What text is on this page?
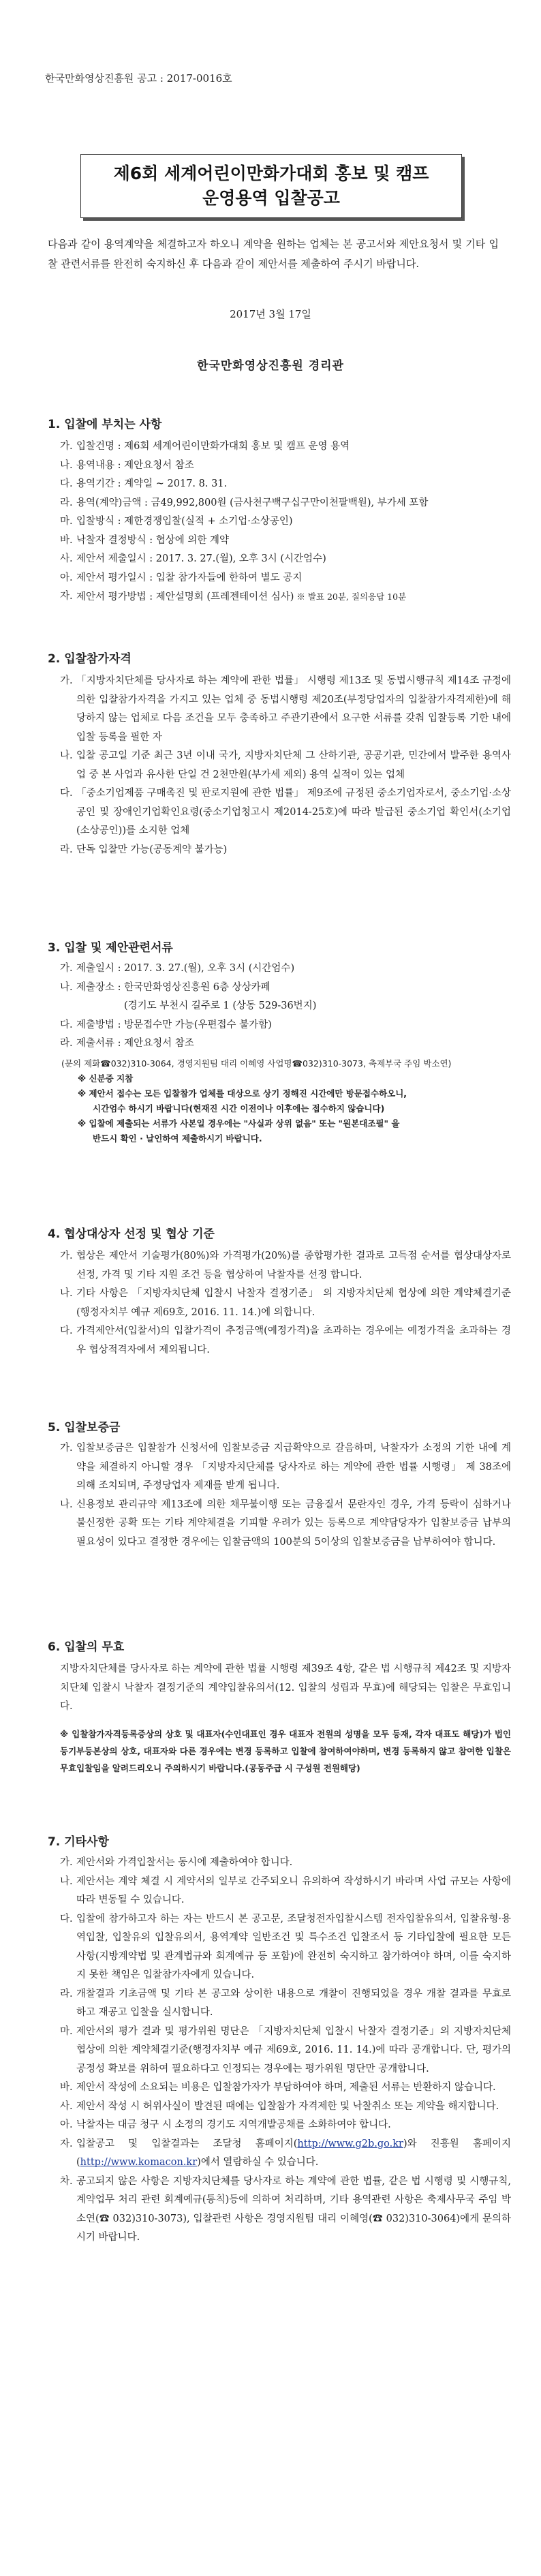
한국만화영상진흥원 공고 : 2017-0016호
제6회 세계어린이만화가대회 홍보 및 캠프
운영용역 입찰공고
다음과 같이 용역계약을 체결하고자 하오니 계약을 원하는 업체는 본 공고서와 제안요청서 및 기타 입찰 관련서류를 완전히 숙지하신 후 다음과 같이 제안서를 제출하여 주시기 바랍니다.
2017년 3월 17일
한국만화영상진흥원 경리관
1. 입찰에 부치는 사항
가. 입찰건명 : 제6회 세계어린이만화가대회 홍보 및 캠프 운영 용역
나. 용역내용 : 제안요청서 참조
다. 용역기간 : 계약일 ~ 2017. 8. 31.
라. 용역(계약)금액 : 금49,992,800원 (금사천구백구십구만이천팔백원), 부가세 포함
마. 입찰방식 : 제한경쟁입찰(실적 + 소기업·소상공인)
바. 낙찰자 결정방식 : 협상에 의한 계약
사. 제안서 제출일시 : 2017. 3. 27.(월), 오후 3시 (시간엄수)
아. 제안서 평가일시 : 입찰 참가자들에 한하여 별도 공지
자. 제안서 평가방법 : 제안설명회 (프레젠테이션 심사) ※ 발표 20분, 질의응답 10분
2. 입찰참가자격
가. 「지방자치단체를 당사자로 하는 계약에 관한 법률」 시행령 제13조 및 동법시행규칙 제14조 규정에 의한 입찰참가자격을 가지고 있는 업체 중 동법시행령 제20조(부정당업자의 입찰참가자격제한)에 해당하지 않는 업체로 다음 조건을 모두 충족하고 주관기관에서 요구한 서류를 갖춰 입찰등록 기한 내에 입찰 등록을 필한 자
나. 입찰 공고일 기준 최근 3년 이내 국가, 지방자치단체 그 산하기관, 공공기관, 민간에서 발주한 용역사업 중 본 사업과 유사한 단일 건 2천만원(부가세 제외) 용역 실적이 있는 업체
다. 「중소기업제품 구매촉진 및 판로지원에 관한 법률」 제9조에 규정된 중소기업자로서, 중소기업·소상공인 및 장애인기업확인요령(중소기업청고시 제2014-25호)에 따라 발급된 중소기업 확인서(소기업(소상공인))를 소지한 업체
라. 단독 입찰만 가능(공동계약 불가능)
3. 입찰 및 제안관련서류
가. 제출일시 : 2017. 3. 27.(월), 오후 3시 (시간엄수)
나. 제출장소 : 한국만화영상진흥원 6층 상상카페
(경기도 부천시 길주로 1 (상동 529-36번지)
다. 제출방법 : 방문접수만 가능(우편접수 불가함)
라. 제출서류 : 제안요청서 참조
(문의 제화☎032)310-3064, 경영지원팀 대리 이혜영 사업명☎032)310-3073, 축제부국 주임 박소연)
※ 신분증 지참
※ 제안서 접수는 모든 입찰참가 업체를 대상으로 상기 정해진 시간에만 방문접수하오니,
시간엄수 하시기 바랍니다(현재진 시간 이전이나 이후에는 접수하지 않습니다)
※ 입찰에 제출되는 서류가 사본일 경우에는 "사실과 상위 없음" 또는 "원본대조필" 을
반드시 확인 · 날인하여 제출하시기 바랍니다.
4. 협상대상자 선정 및 협상 기준
가. 협상은 제안서 기술평가(80%)와 가격평가(20%)를 종합평가한 결과로 고득점 순서를 협상대상자로 선정, 가격 및 기타 지원 조건 등을 협상하여 낙찰자를 선정 합니다.
나. 기타 사항은 「지방자치단체 입찰시 낙찰자 결정기준」 의 지방자치단체 협상에 의한 계약체결기준(행정자치부 예규 제69호, 2016. 11. 14.)에 의합니다.
다. 가격제안서(입찰서)의 입찰가격이 추정금액(예정가격)을 초과하는 경우에는 예정가격을 초과하는 경우 협상적격자에서 제외됩니다.
5. 입찰보증금
가. 입찰보증금은 입찰참가 신청서에 입찰보증금 지급확약으로 갈음하며, 낙찰자가 소정의 기한 내에 계약을 체결하지 아니할 경우 「지방자치단체를 당사자로 하는 계약에 관한 법률 시행령」 제 38조에 의해 조치되며, 주정당업자 제재를 받게 됩니다.
나. 신용정보 관리규약 제13조에 의한 채무불이행 또는 금융질서 문란자인 경우, 가격 등락이 심하거나 불신정한 공확 또는 기타 계약체결을 기피할 우려가 있는 등록으로 계약담당자가 입찰보증금 납부의 필요성이 있다고 결정한 경우에는 입찰금액의 100분의 5이상의 입찰보증금을 납부하여야 합니다.
6. 입찰의 무효
지방자치단체를 당사자로 하는 계약에 관한 법률 시행령 제39조 4항, 같은 법 시행규칙 제42조 및 지방자치단체 입찰시 낙찰자 결정기준의 계약입찰유의서(12. 입찰의 성립과 무효)에 해당되는 입찰은 무효입니다.
※ 입찰참가자격등록증상의 상호 및 대표자(수인대표인 경우 대표자 전원의 성명을 모두 등재, 각자 대표도 해당)가 법인등기부등본상의 상호, 대표자와 다른 경우에는 변경 등록하고 입찰에 참여하여야하며, 변경 등록하지 않고 참여한 입찰은 무효입찰임을 알려드리오니 주의하시기 바랍니다.(공동주급 시 구성원 전원해당)
7. 기타사항
가. 제안서와 가격입찰서는 동시에 제출하여야 합니다.
나. 제안서는 계약 체결 시 계약서의 일부로 간주되오니 유의하여 작성하시기 바라며 사업 규모는 사항에 따라 변동될 수 있습니다.
다. 입찰에 참가하고자 하는 자는 반드시 본 공고문, 조달청전자입찰시스템 전자입찰유의서, 입찰유형·용역입찰, 입찰유의 입찰유의서, 용역계약 일반조건 및 특수조건 입찰조서 등 기타입찰에 필요한 모든 사항(지방계약법 및 관계법규와 회계예규 등 포함)에 완전히 숙지하고 참가하여야 하며, 이를 숙지하지 못한 책임은 입찰참가자에게 있습니다.
라. 개찰결과 기초금액 및 기타 본 공고와 상이한 내용으로 개찰이 진행되었을 경우 개찰 결과를 무효로 하고 재공고 입찰을 실시합니다.
마. 제안서의 평가 결과 및 평가위원 명단은 「지방자치단체 입찰시 낙찰자 결정기준」의 지방자치단체 협상에 의한 계약체결기준(행정자치부 예규 제69호, 2016. 11. 14.)에 따라 공개합니다. 단, 평가의 공정성 확보를 위하여 필요하다고 인정되는 경우에는 평가위원 명단만 공개합니다.
바. 제안서 작성에 소요되는 비용은 입찰참가자가 부담하여야 하며, 제출된 서류는 반환하지 않습니다.
사. 제안서 작성 시 허위사실이 발견된 때에는 입찰참가 자격제한 및 낙찰취소 또는 계약을 해지합니다.
아. 낙찰자는 대금 청구 시 소정의 경기도 지역개발공채를 소화하여야 합니다.
자. 입찰공고 및 입찰결과는 조달청 홈페이지(http://www.g2b.go.kr)와 진흥원 홈페이지(http://www.komacon.kr)에서 열람하실 수 있습니다.
차. 공고되지 않은 사항은 지방자치단체를 당사자로 하는 계약에 관한 법률, 같은 법 시행령 및 시행규칙, 계약업무 처리 관련 회계예규(통칙)등에 의하여 처리하며, 기타 용역관련 사항은 축제사무국 주임 박소연(☎ 032)310-3073), 입찰관련 사항은 경영지원팀 대리 이혜영(☎ 032)310-3064)에게 문의하시기 바랍니다.
